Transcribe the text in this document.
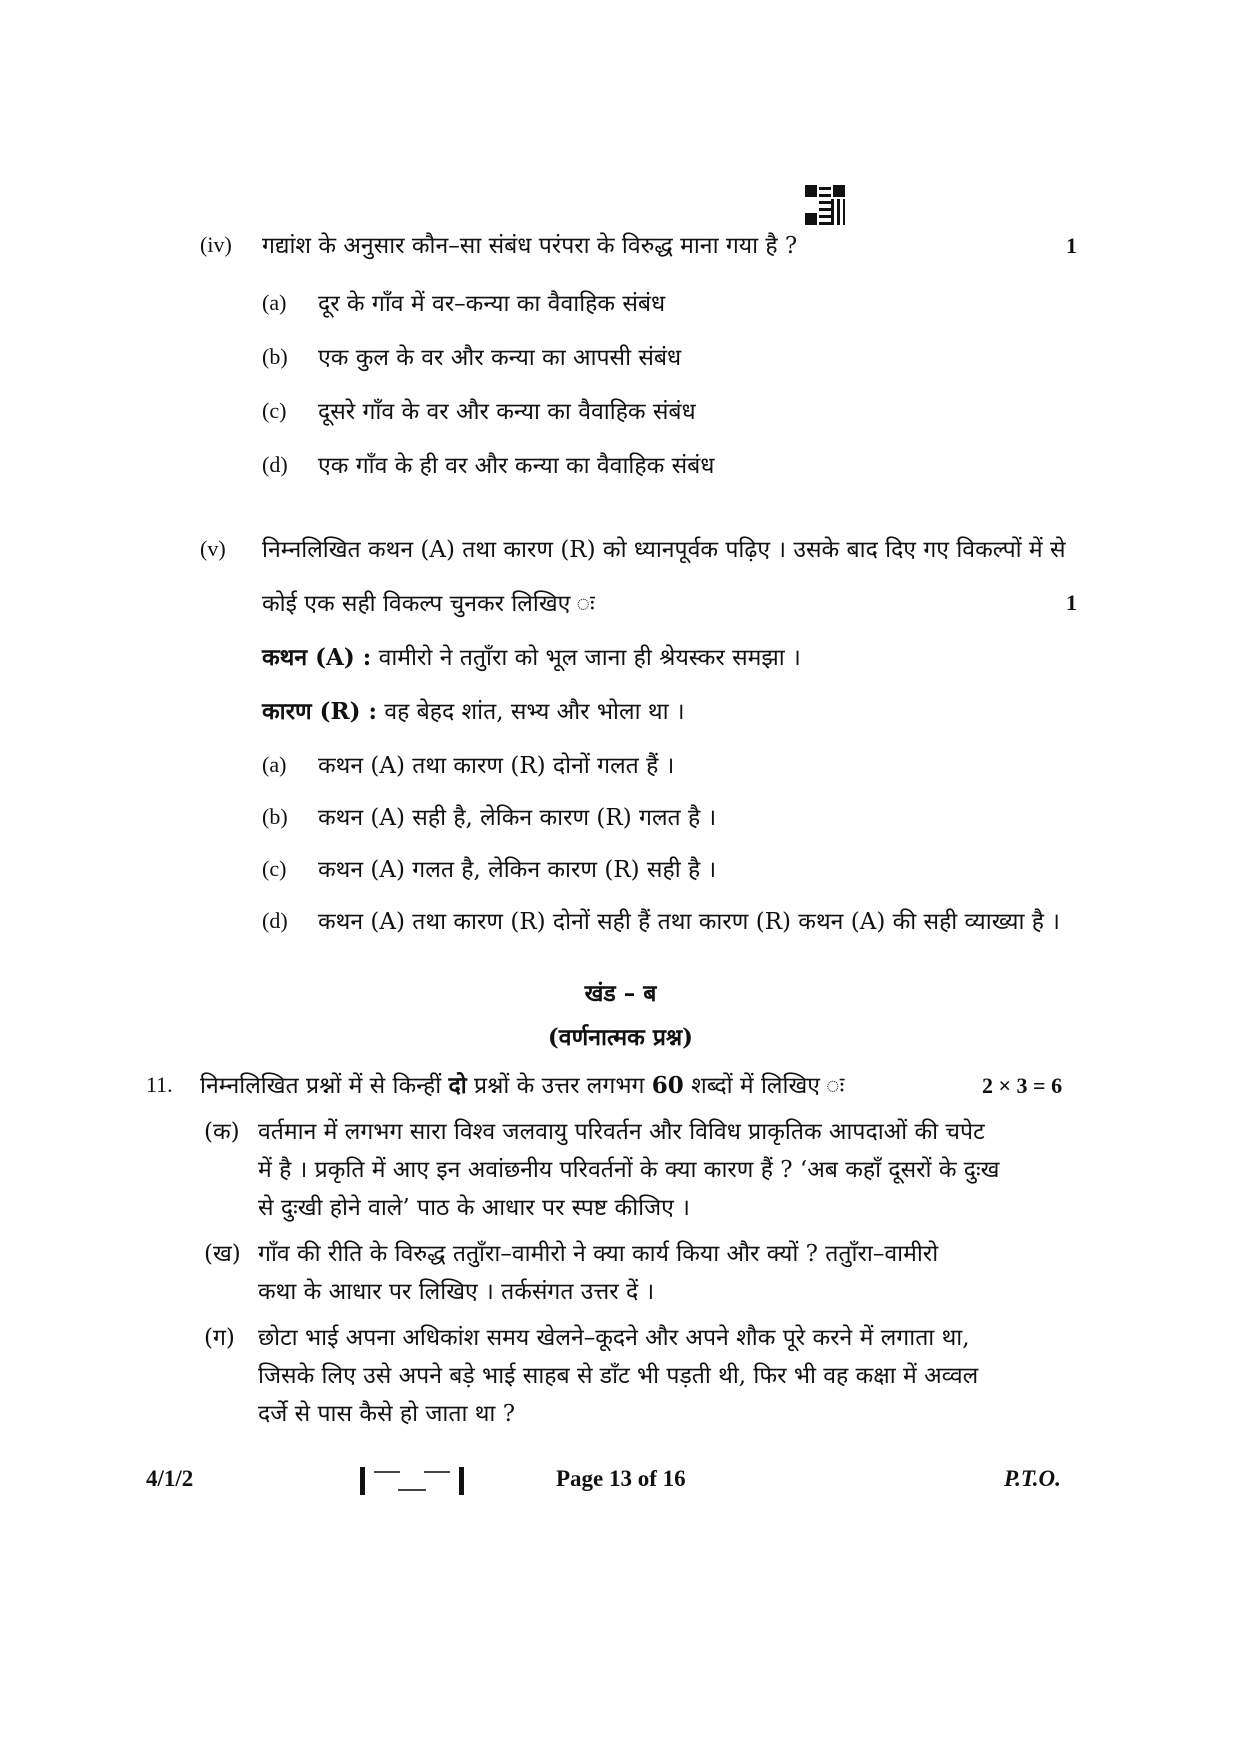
(iv) गद्यांश के अनुसार कौन–सा संबंध परंपरा के विरुद्ध माना गया है ?	1
(a) दूर के गाँव में वर–कन्या का वैवाहिक संबंध
(b) एक कुल के वर और कन्या का आपसी संबंध
(c) दूसरे गाँव के वर और कन्या का वैवाहिक संबंध
(d) एक गाँव के ही वर और कन्या का वैवाहिक संबंध
(v) निम्नलिखित कथन (A) तथा कारण (R) को ध्यानपूर्वक पढ़िए । उसके बाद दिए गए विकल्पों में से
कोई एक सही विकल्प चुनकर लिखिए ः	1
कथन (A) : वामीरो ने ततुाँरा को भूल जाना ही श्रेयस्कर समझा ।
कारण (R) : वह बेहद शांत, सभ्य और भोला था ।
(a) कथन (A) तथा कारण (R) दोनों गलत हैं ।
(b) कथन (A) सही है, लेकिन कारण (R) गलत है ।
(c) कथन (A) गलत है, लेकिन कारण (R) सही है ।
(d) कथन (A) तथा कारण (R) दोनों सही हैं तथा कारण (R) कथन (A) की सही व्याख्या है ।
खंड – ब
(वर्णनात्मक प्रश्न)
11. निम्नलिखित प्रश्नों में से किन्हीं दो प्रश्नों के उत्तर लगभग 60 शब्दों में लिखिए ः	2 × 3 = 6
(क) वर्तमान में लगभग सारा विश्व जलवायु परिवर्तन और विविध प्राकृतिक आपदाओं की चपेट
में है । प्रकृति में आए इन अवांछनीय परिवर्तनों के क्या कारण हैं ? ‘अब कहाँ दूसरों के दुःख
से दुःखी होने वाले’ पाठ के आधार पर स्पष्ट कीजिए ।
(ख) गाँव की रीति के विरुद्ध ततुाँरा–वामीरो ने क्या कार्य किया और क्यों ? ततुाँरा–वामीरो
कथा के आधार पर लिखिए । तर्कसंगत उत्तर दें ।
(ग) छोटा भाई अपना अधिकांश समय खेलने–कूदने और अपने शौक पूरे करने में लगाता था,
जिसके लिए उसे अपने बड़े भाई साहब से डाँट भी पड़ती थी, फिर भी वह कक्षा में अव्वल
दर्जे से पास कैसे हो जाता था ?
4/1/2	Page 13 of 16	P.T.O.
